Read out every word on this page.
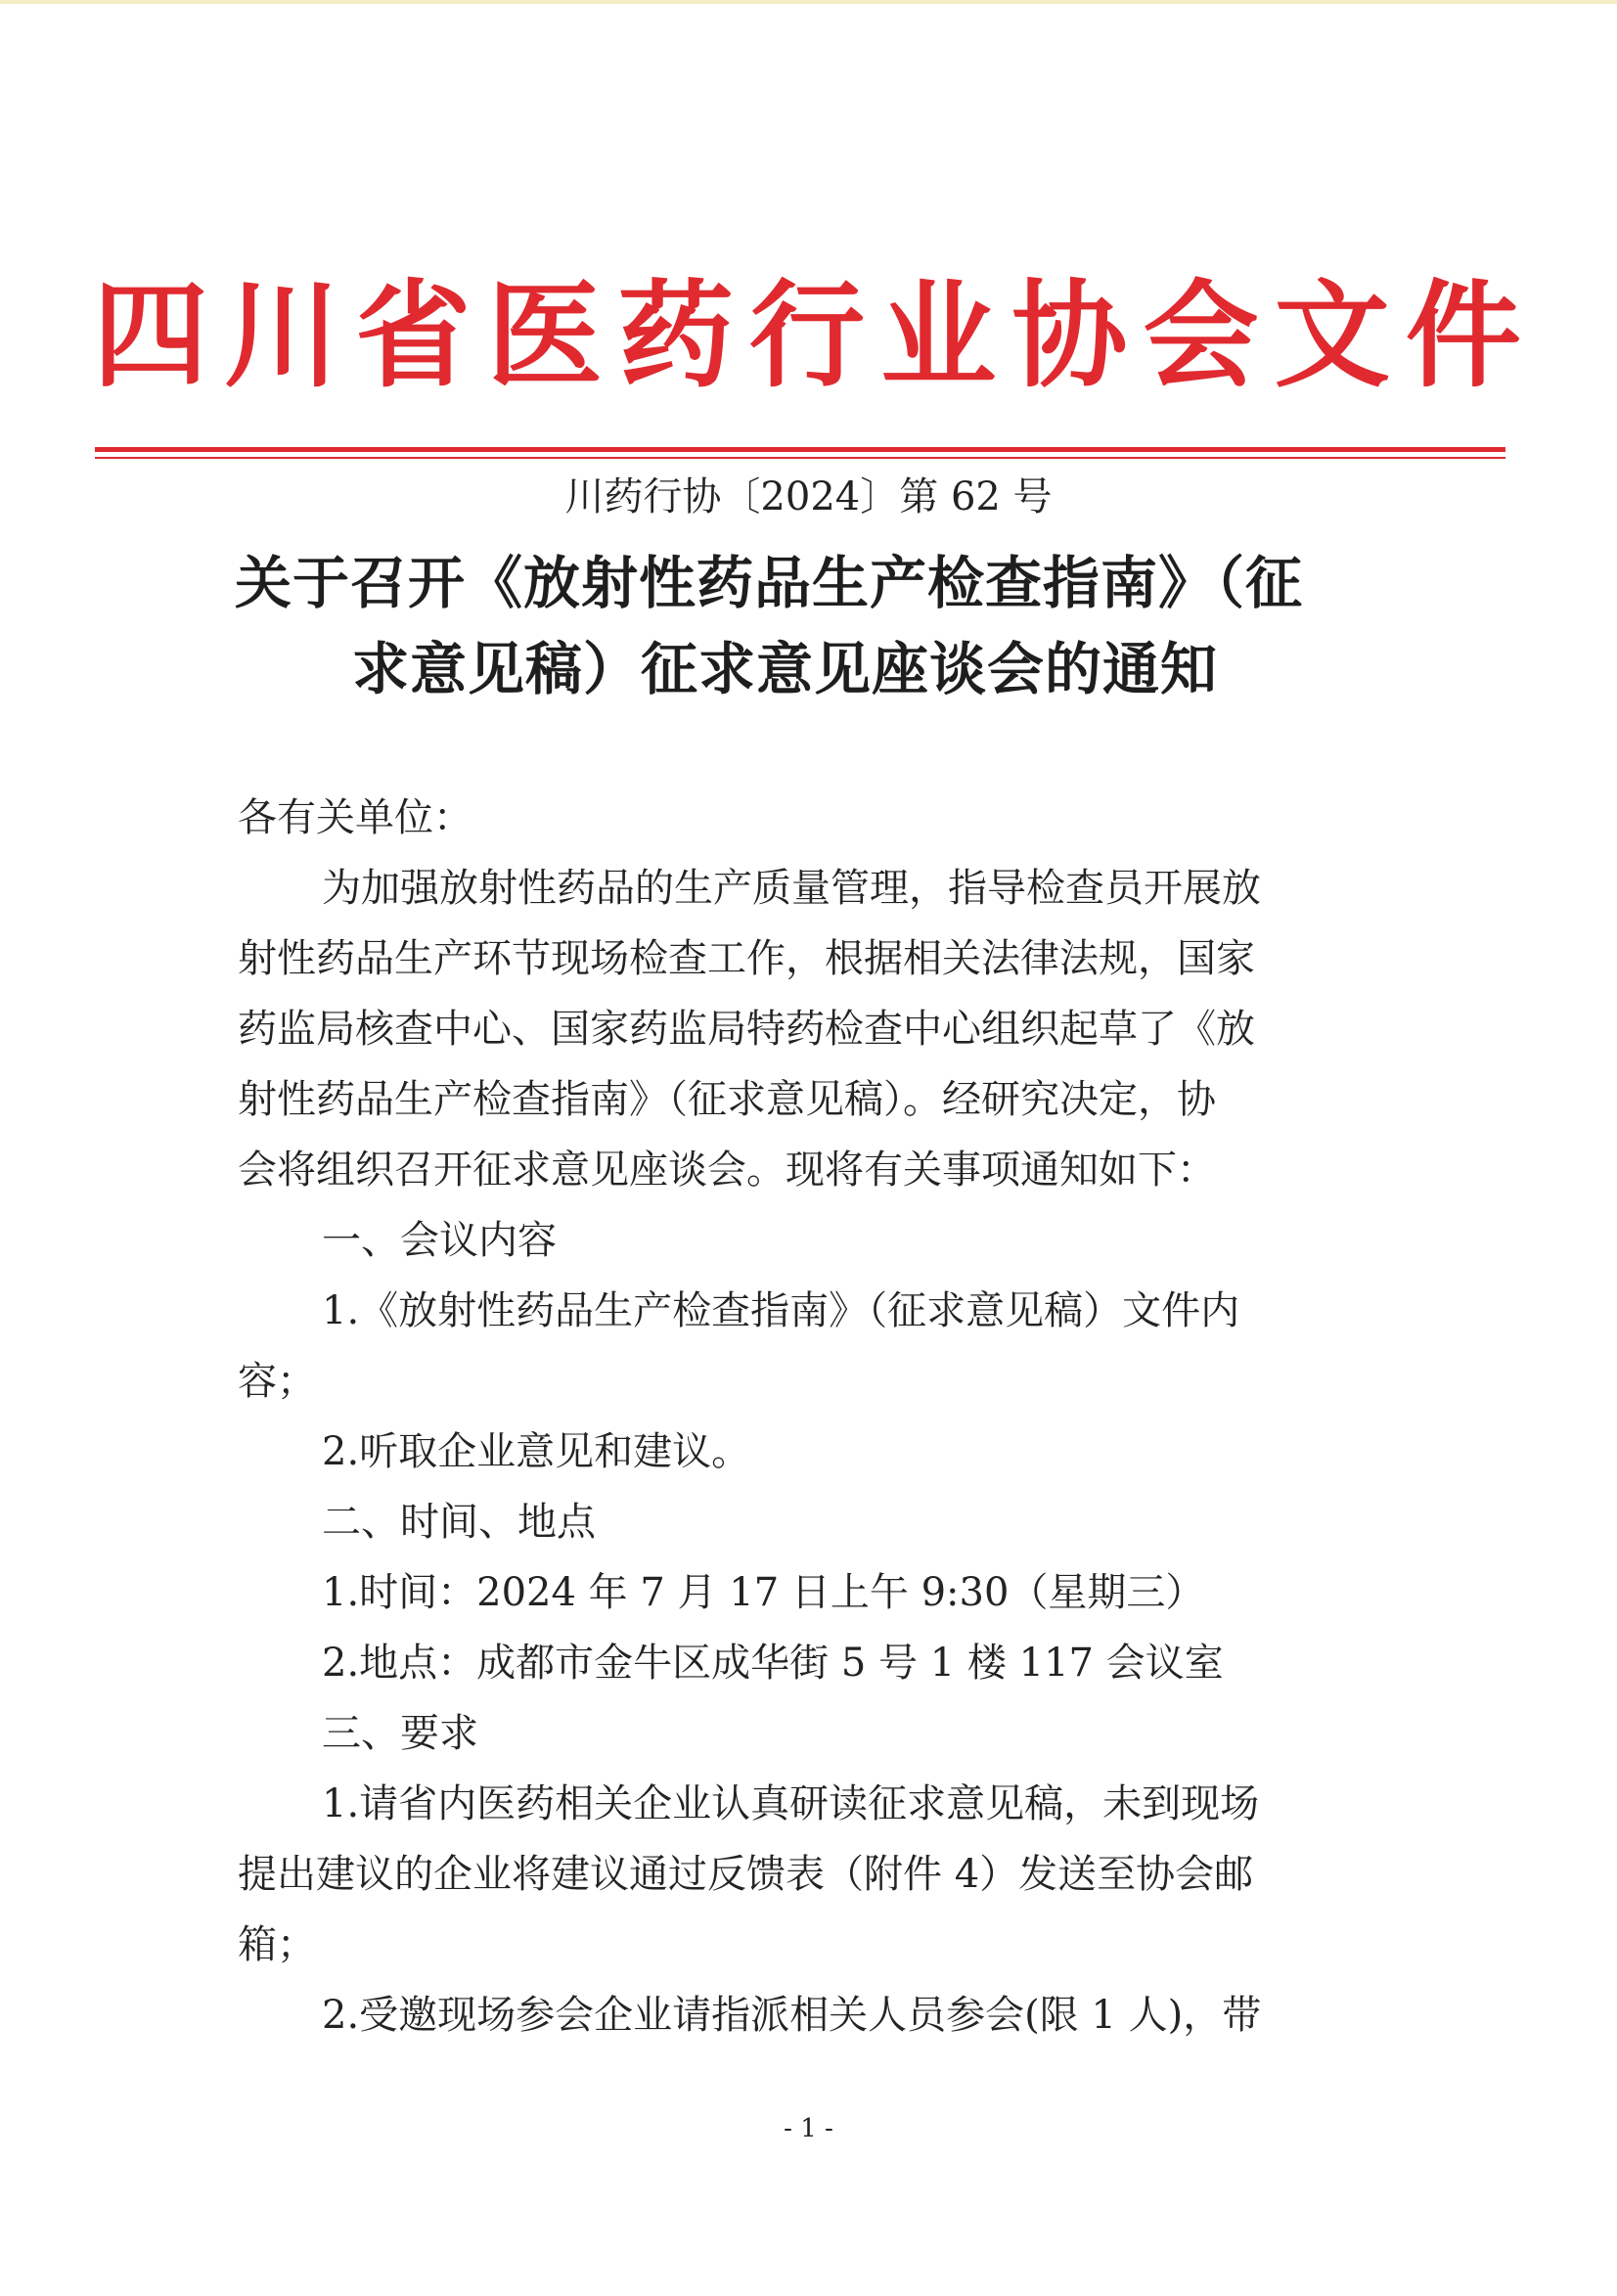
四 川 省 医 药 行 业 协 会 文 件
川药行协〔2024〕第 62 号
关于召开《放射性药品生产检查指南》（征
求意见稿）征求意见座谈会的通知

各有关单位：

为加强放射性药品的生产质量管理，指导检查员开展放

射性药品生产环节现场检查工作，根据相关法律法规，国家

药监局核查中心、国家药监局特药检查中心组织起草了《放

射性药品生产检查指南》（征求意见稿）。经研究决定，协

会将组织召开征求意见座谈会。现将有关事项通知如下：

一、会议内容

1.《放射性药品生产检查指南》（征求意见稿）文件内

容；

2.听取企业意见和建议。

二、时间、地点

1.时间：2024 年 7 月 17 日上午 9:30（星期三）

2.地点：成都市金牛区成华街 5 号 1 楼 117 会议室

三、要求

1.请省内医药相关企业认真研读征求意见稿，未到现场

提出建议的企业将建议通过反馈表（附件 4）发送至协会邮

箱；

2.受邀现场参会企业请指派相关人员参会(限 1 人)，带

- 1 -
